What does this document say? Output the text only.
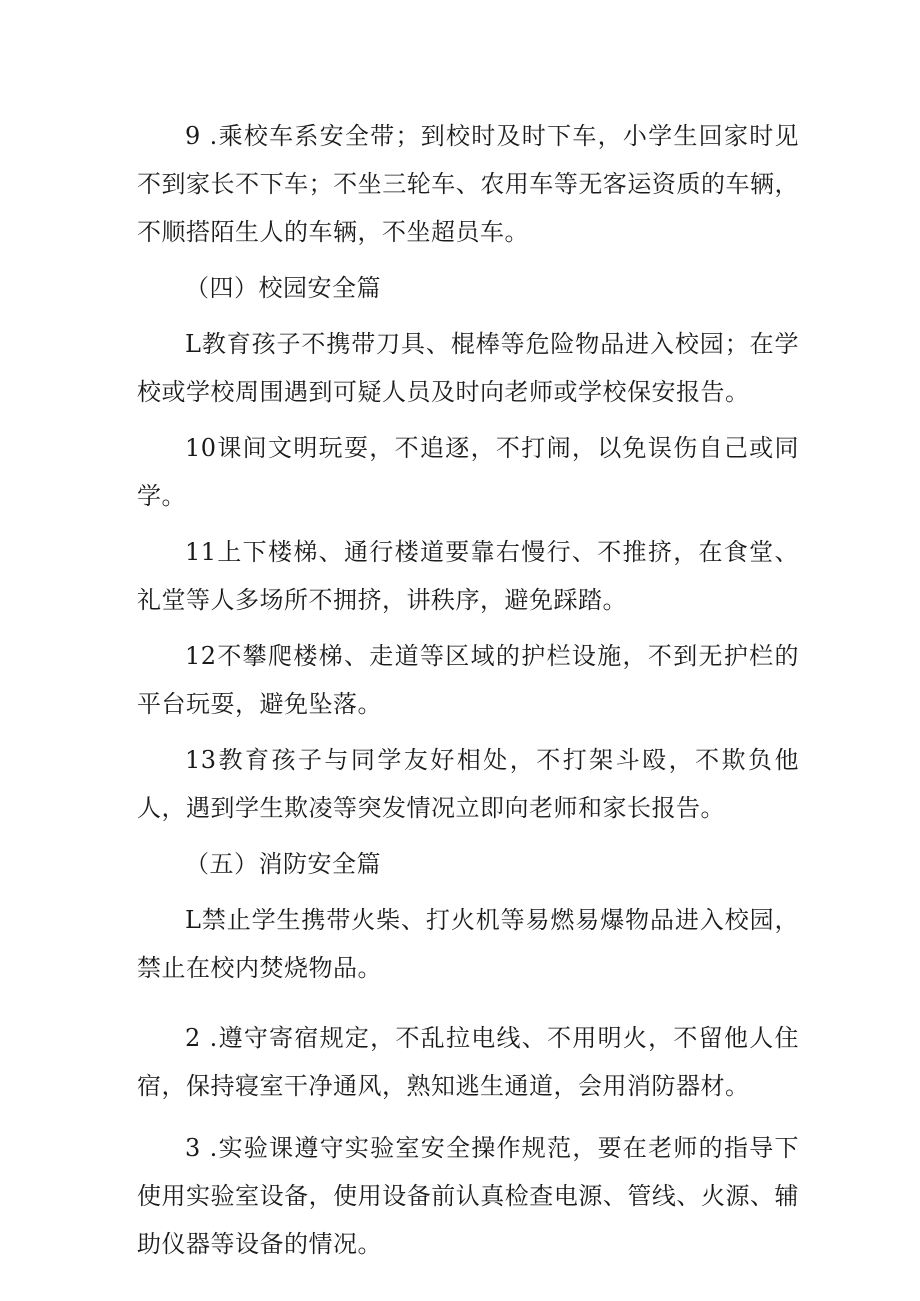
9 .乘校车系安全带；到校时及时下车，小学生回家时见不到家长不下车；不坐三轮车、农用车等无客运资质的车辆，不顺搭陌生人的车辆，不坐超员车。

（四）校园安全篇

L教育孩子不携带刀具、棍棒等危险物品进入校园；在学校或学校周围遇到可疑人员及时向老师或学校保安报告。

10课间文明玩耍，不追逐，不打闹，以免误伤自己或同学。

11上下楼梯、通行楼道要靠右慢行、不推挤，在食堂、礼堂等人多场所不拥挤，讲秩序，避免踩踏。

12不攀爬楼梯、走道等区域的护栏设施，不到无护栏的平台玩耍，避免坠落。

13教育孩子与同学友好相处，不打架斗殴，不欺负他人，遇到学生欺凌等突发情况立即向老师和家长报告。

（五）消防安全篇

L禁止学生携带火柴、打火机等易燃易爆物品进入校园，禁止在校内焚烧物品。

2 .遵守寄宿规定，不乱拉电线、不用明火，不留他人住宿，保持寝室干净通风，熟知逃生通道，会用消防器材。

3 .实验课遵守实验室安全操作规范，要在老师的指导下使用实验室设备，使用设备前认真检查电源、管线、火源、辅助仪器等设备的情况。
